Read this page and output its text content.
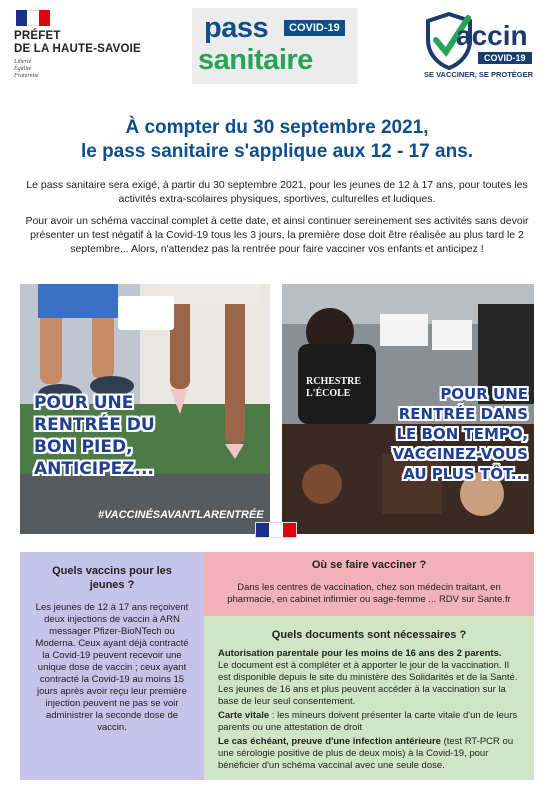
PRÉFET
DE LA HAUTE-SAVOIE
Liberté
Égalité
Fraternité
pass	COVID-19
sanitaire
accin
COVID-19
SE VACCINER, SE PROTÉGER
À compter du 30 septembre 2021,
le pass sanitaire s'applique aux 12 - 17 ans.
Le pass sanitaire sera exigé, à partir du 30 septembre 2021, pour les jeunes de 12 à 17 ans, pour toutes les activités extra-scolaires physiques, sportives, culturelles et ludiques.
Pour avoir un schéma vaccinal complet à cette date, et ainsi continuer sereinement ses activités sans devoir présenter un test négatif à la Covid-19 tous les 3 jours, la première dose doit être réalisée au plus tard le 2 septembre... Alors, n'attendez pas la rentrée pour faire vacciner vos enfants et anticipez !
POUR UNE
RENTRÉE DU
BON PIED,
ANTICIPEZ...
#VACCINÉSAVANTLARENTRÉE
RCHESTRE
L'ÉCOLE	POUR UNE
RENTRÉE DANS
LE BON TEMPO,
VACCINEZ-VOUS
AU PLUS TÔT...
Quels vaccins pour les jeunes ?
Les jeunes de 12 à 17 ans reçoivent deux injections de vaccin à ARN messager Pfizer-BioNTech ou Moderna. Ceux ayant déjà contracté la Covid-19 peuvent recevoir une unique dose de vaccin ; ceux ayant contracté la Covid-19 au moins 15 jours après avoir reçu leur première injection peuvent ne pas se voir administrer la seconde dose de vaccin.
Où se faire vacciner ?
Dans les centres de vaccination, chez son médecin traitant, en pharmacie, en cabinet infirmier ou sage-femme ... RDV sur Sante.fr
Quels documents sont nécessaires ?
Autorisation parentale pour les moins de 16 ans des 2 parents.
Le document est à compléter et à apporter le jour de la vaccination. Il est disponible depuis le site du ministère des Solidarités et de la Santé. Les jeunes de 16 ans et plus peuvent accéder à la vaccination sur la base de leur seul consentement.
Carte vitale : les mineurs doivent présenter la carte vitale d'un de leurs parents ou une attestation de droit
Le cas échéant, preuve d'une infection antérieure (test RT-PCR ou une sérologie positive de plus de deux mois) à la Covid-19, pour bénéficier d'un schéma vaccinal avec une seule dose.
